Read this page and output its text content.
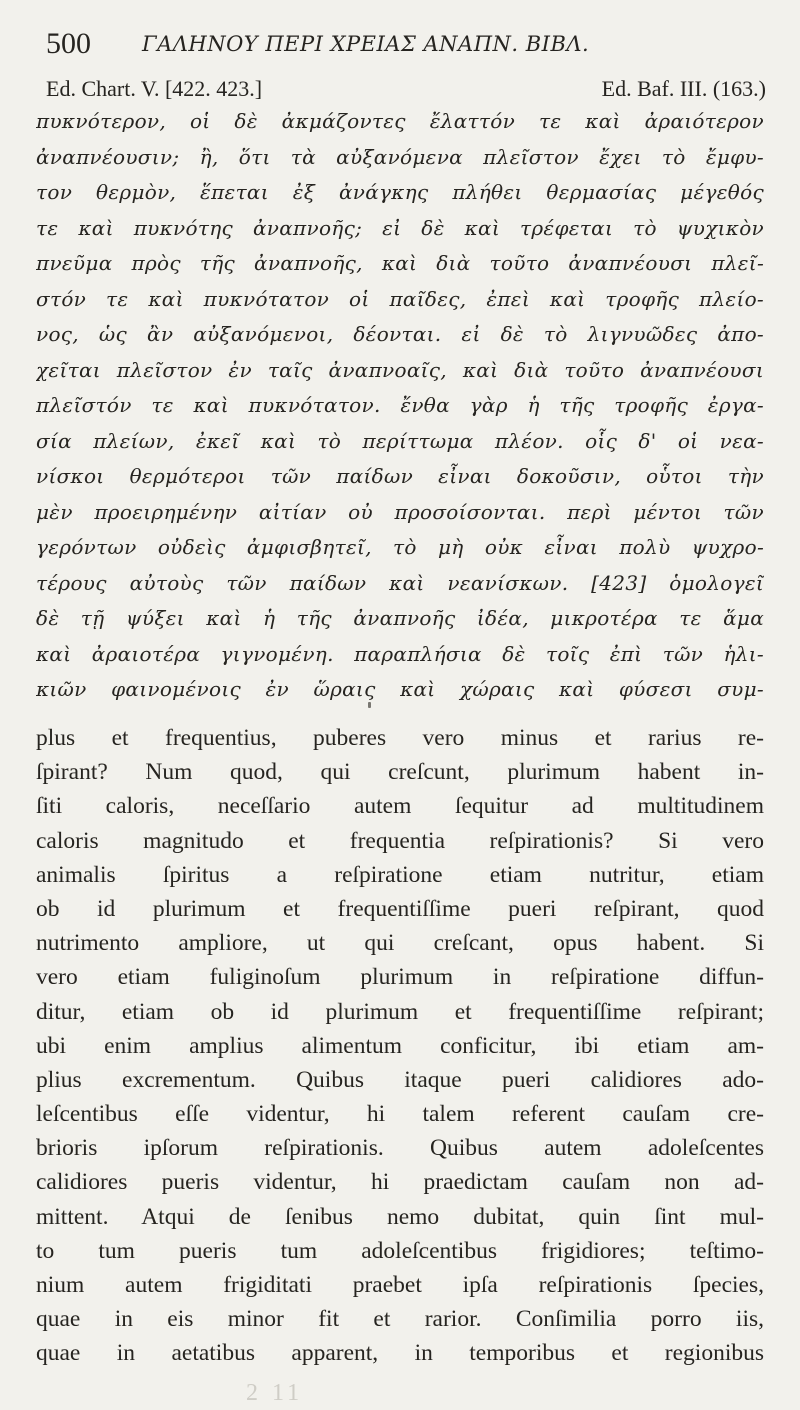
500 ΓΑΛΗΝΟΥ ΠΕΡΙ ΧΡΕΙΑΣ ΑΝΑΠΝ. ΒΙΒΛ.
Ed. Chart. V. [422. 423.]	Ed. Baf. III. (163.)
πυκνότερον, οἱ δὲ ἀκμάζοντες ἔλαττόν τε καὶ ἀραιότερον
ἀναπνέουσιν; ἢ, ὅτι τὰ αὐξανόμενα πλεῖστον ἔχει τὸ ἔμφυ-
τον θερμὸν, ἕπεται ἐξ ἀνάγκης πλήθει θερμασίας μέγεθός
τε καὶ πυκνότης ἀναπνοῆς; εἰ δὲ καὶ τρέφεται τὸ ψυχικὸν
πνεῦμα πρὸς τῆς ἀναπνοῆς, καὶ διὰ τοῦτο ἀναπνέουσι πλεῖ-
στόν τε καὶ πυκνότατον οἱ παῖδες, ἐπεὶ καὶ τροφῆς πλείο-
νος, ὡς ἂν αὐξανόμενοι, δέονται. εἰ δὲ τὸ λιγνυῶδες ἀπο-
χεῖται πλεῖστον ἐν ταῖς ἀναπνοαῖς, καὶ διὰ τοῦτο ἀναπνέουσι
πλεῖστόν τε καὶ πυκνότατον. ἔνθα γὰρ ἡ τῆς τροφῆς ἐργα-
σία πλείων, ἐκεῖ καὶ τὸ περίττωμα πλέον. οἷς δ' οἱ νεα-
νίσκοι θερμότεροι τῶν παίδων εἶναι δοκοῦσιν, οὗτοι τὴν
μὲν προειρημένην αἰτίαν οὐ προσοίσονται. περὶ μέντοι τῶν
γερόντων οὐδεὶς ἀμφισβητεῖ, τὸ μὴ οὐκ εἶναι πολὺ ψυχρο-
τέρους αὐτοὺς τῶν παίδων καὶ νεανίσκων. [423] ὁμολογεῖ
δὲ τῇ ψύξει καὶ ἡ τῆς ἀναπνοῆς ἰδέα, μικροτέρα τε ἅμα
καὶ ἀραιοτέρα γιγνομένη. παραπλήσια δὲ τοῖς ἐπὶ τῶν ἡλι-
κιῶν φαινομένοις ἐν ὥραις καὶ χώραις καὶ φύσεσι συμ-
plus et frequentius, puberes vero minus et rarius re-
ſpirant? Num quod, qui creſcunt, plurimum habent in-
ſiti caloris, neceſſario autem ſequitur ad multitudinem
caloris magnitudo et frequentia reſpirationis? Si vero
animalis ſpiritus a reſpiratione etiam nutritur, etiam
ob id plurimum et frequentiſſime pueri reſpirant, quod
nutrimento ampliore, ut qui creſcant, opus habent. Si
vero etiam fuliginoſum plurimum in reſpiratione diffun-
ditur, etiam ob id plurimum et frequentiſſime reſpirant;
ubi enim amplius alimentum conficitur, ibi etiam am-
plius excrementum. Quibus itaque pueri calidiores ado-
leſcentibus eſſe videntur, hi talem referent cauſam cre-
brioris ipſorum reſpirationis. Quibus autem adoleſcentes
calidiores pueris videntur, hi praedictam cauſam non ad-
mittent. Atqui de ſenibus nemo dubitat, quin ſint mul-
to tum pueris tum adoleſcentibus frigidiores; teſtimo-
nium autem frigiditati praebet ipſa reſpirationis ſpecies,
quae in eis minor fit et rarior. Conſimilia porro iis,
quae in aetatibus apparent, in temporibus et regionibus
2 11
